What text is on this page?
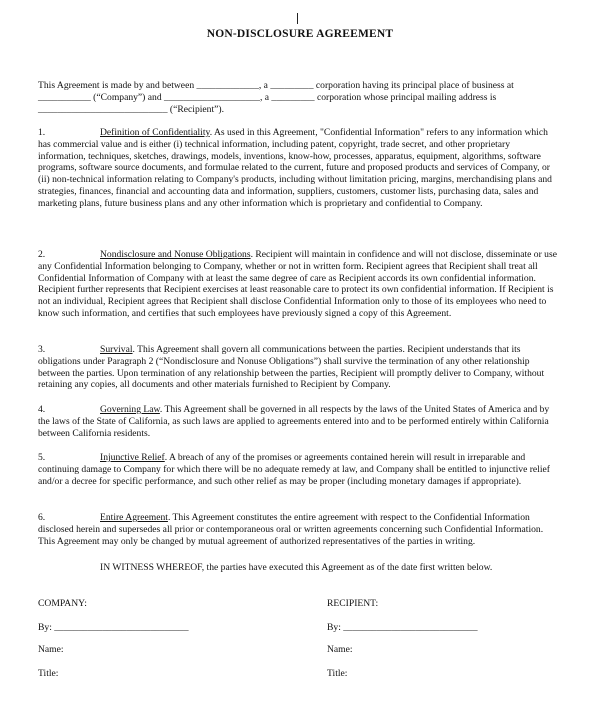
NON-DISCLOSURE AGREEMENT
This Agreement is made by and between _____________, a _________ corporation having its principal place of business at ___________ (“Company”) and ____________________, a _________ corporation whose principal mailing address is ___________________________ (“Recipient”).
1.	Definition of Confidentiality. As used in this Agreement, "Confidential Information" refers to any information which has commercial value and is either (i) technical information, including patent, copyright, trade secret, and other proprietary information, techniques, sketches, drawings, models, inventions, know-how, processes, apparatus, equipment, algorithms, software programs, software source documents, and formulae related to the current, future and proposed products and services of Company, or (ii) non-technical information relating to Company's products, including without limitation pricing, margins, merchandising plans and strategies, finances, financial and accounting data and information, suppliers, customers, customer lists, purchasing data, sales and marketing plans, future business plans and any other information which is proprietary and confidential to Company.
2.	Nondisclosure and Nonuse Obligations. Recipient will maintain in confidence and will not disclose, disseminate or use any Confidential Information belonging to Company, whether or not in written form. Recipient agrees that Recipient shall treat all Confidential Information of Company with at least the same degree of care as Recipient accords its own confidential information. Recipient further represents that Recipient exercises at least reasonable care to protect its own confidential information. If Recipient is not an individual, Recipient agrees that Recipient shall disclose Confidential Information only to those of its employees who need to know such information, and certifies that such employees have previously signed a copy of this Agreement.
3.	Survival. This Agreement shall govern all communications between the parties. Recipient understands that its obligations under Paragraph 2 (“Nondisclosure and Nonuse Obligations”) shall survive the termination of any other relationship between the parties. Upon termination of any relationship between the parties, Recipient will promptly deliver to Company, without retaining any copies, all documents and other materials furnished to Recipient by Company.
4.	Governing Law. This Agreement shall be governed in all respects by the laws of the United States of America and by the laws of the State of California, as such laws are applied to agreements entered into and to be performed entirely within California between California residents.
5.	Injunctive Relief. A breach of any of the promises or agreements contained herein will result in irreparable and continuing damage to Company for which there will be no adequate remedy at law, and Company shall be entitled to injunctive relief and/or a decree for specific performance, and such other relief as may be proper (including monetary damages if appropriate).
6.	Entire Agreement. This Agreement constitutes the entire agreement with respect to the Confidential Information disclosed herein and supersedes all prior or contemporaneous oral or written agreements concerning such Confidential Information. This Agreement may only be changed by mutual agreement of authorized representatives of the parties in writing.
IN WITNESS WHEREOF, the parties have executed this Agreement as of the date first written below.
COMPANY:
By: ____________________________
Name:
Title:
RECIPIENT:
By: ____________________________
Name:
Title:
